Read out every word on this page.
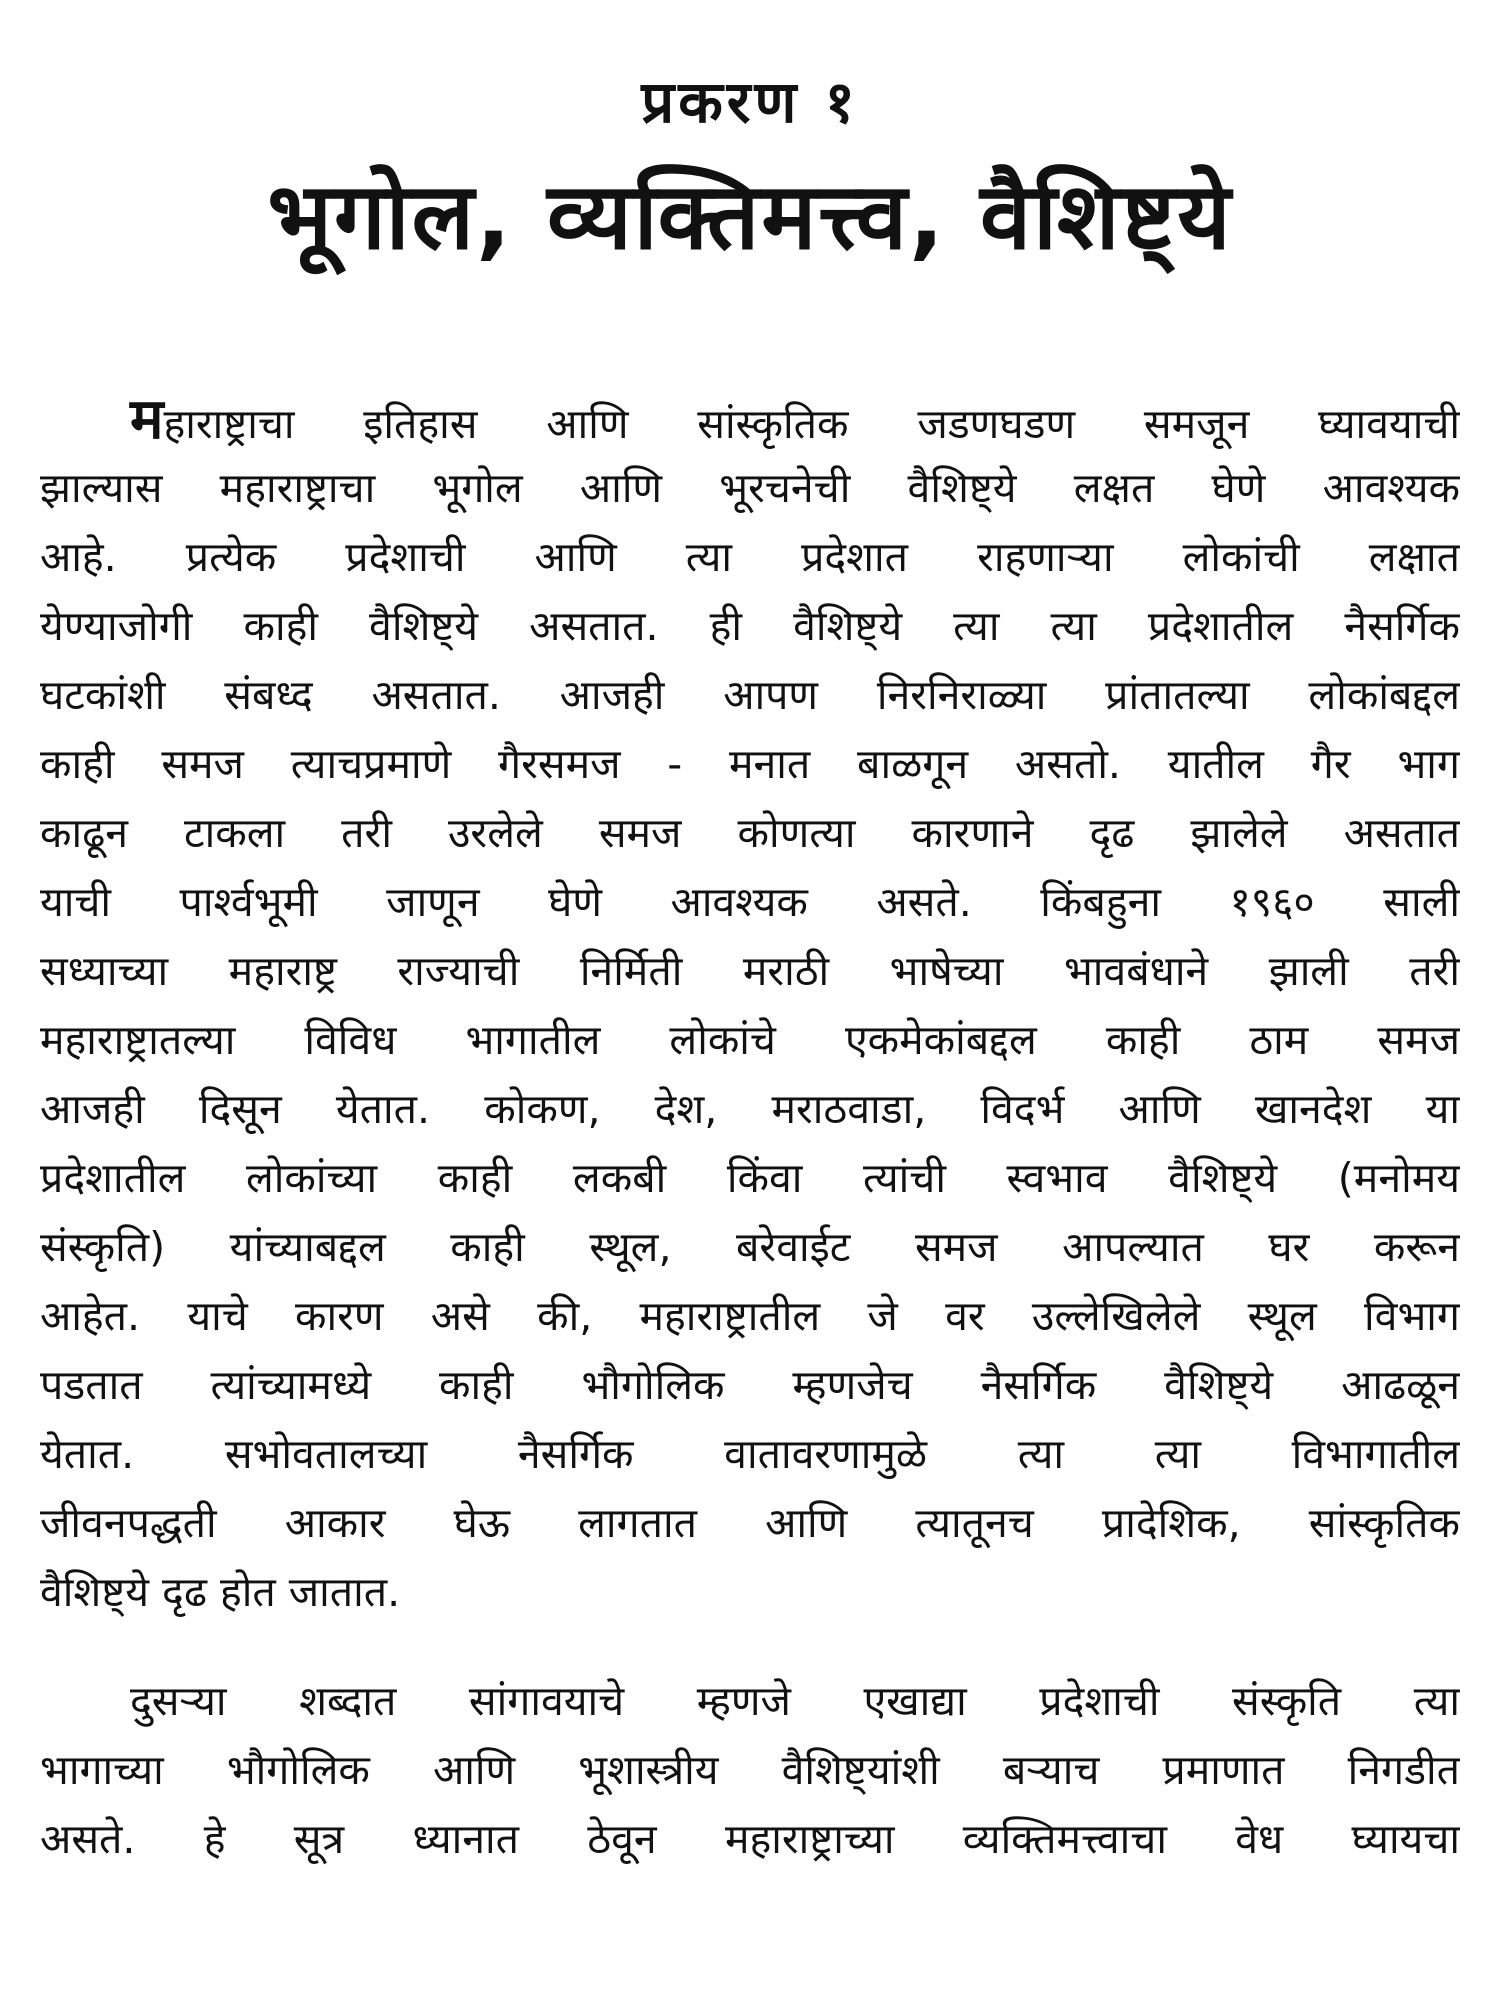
प्रकरण १
भूगोल, व्यक्तिमत्त्व, वैशिष्ट्ये
महाराष्ट्राचा इतिहास आणि सांस्कृतिक जडणघडण समजून घ्यावयाची
झाल्यास महाराष्ट्राचा भूगोल आणि भूरचनेची वैशिष्ट्ये लक्षत घेणे आवश्यक
आहे. प्रत्येक प्रदेशाची आणि त्या प्रदेशात राहणाऱ्या लोकांची लक्षात
येण्याजोगी काही वैशिष्ट्ये असतात. ही वैशिष्ट्ये त्या त्या प्रदेशातील नैसर्गिक
घटकांशी संबध्द असतात. आजही आपण निरनिराळ्या प्रांतातल्या लोकांबद्दल
काही समज त्याचप्रमाणे गैरसमज - मनात बाळगून असतो. यातील गैर भाग
काढून टाकला तरी उरलेले समज कोणत्या कारणाने दृढ झालेले असतात
याची पार्श्वभूमी जाणून घेणे आवश्यक असते. किंबहुना १९६० साली
सध्याच्या महाराष्ट्र राज्याची निर्मिती मराठी भाषेच्या भावबंधाने झाली तरी
महाराष्ट्रातल्या विविध भागातील लोकांचे एकमेकांबद्दल काही ठाम समज
आजही दिसून येतात. कोकण, देश, मराठवाडा, विदर्भ आणि खानदेश या
प्रदेशातील लोकांच्या काही लकबी किंवा त्यांची स्वभाव वैशिष्ट्ये (मनोमय
संस्कृति) यांच्याबद्दल काही स्थूल, बरेवाईट समज आपल्यात घर करून
आहेत. याचे कारण असे की, महाराष्ट्रातील जे वर उल्लेखिलेले स्थूल विभाग
पडतात त्यांच्यामध्ये काही भौगोलिक म्हणजेच नैसर्गिक वैशिष्ट्ये आढळून
येतात. सभोवतालच्या नैसर्गिक वातावरणामुळे त्या त्या विभागातील
जीवनपद्धती आकार घेऊ लागतात आणि त्यातूनच प्रादेशिक, सांस्कृतिक
वैशिष्ट्ये दृढ होत जातात.
दुसऱ्या शब्दात सांगावयाचे म्हणजे एखाद्या प्रदेशाची संस्कृति त्या
भागाच्या भौगोलिक आणि भूशास्त्रीय वैशिष्ट्यांशी बऱ्याच प्रमाणात निगडीत
असते. हे सूत्र ध्यानात ठेवून महाराष्ट्राच्या व्यक्तिमत्त्वाचा वेध घ्यायचा
